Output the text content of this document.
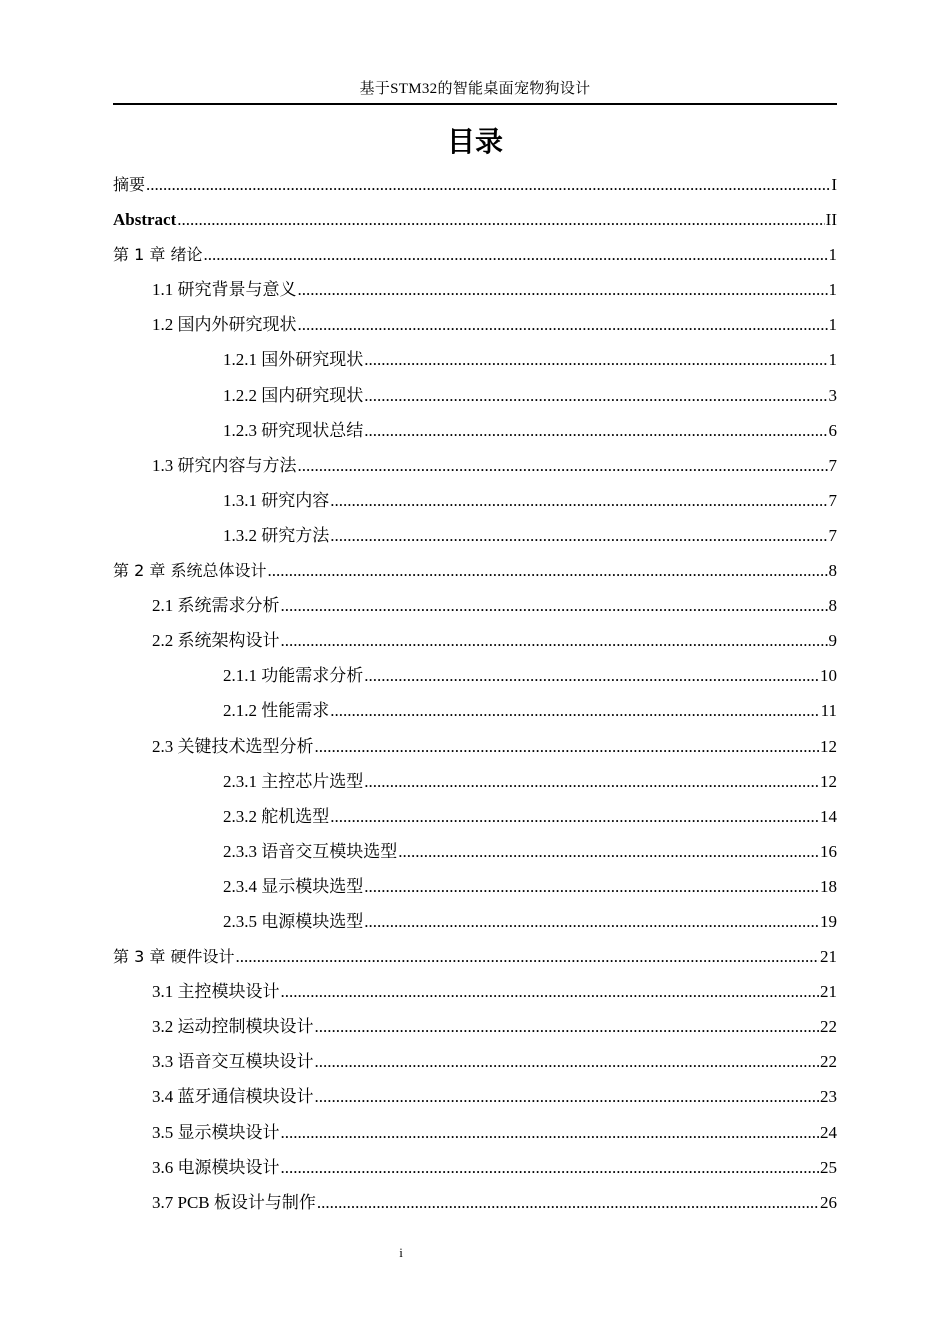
基于STM32的智能桌面宠物狗设计
目录
摘要 .....	I
Abstract .....	II
第 1 章 绪论 .....	1
1.1 研究背景与意义 .....	1
1.2 国内外研究现状 .....	1
1.2.1 国外研究现状 .....	1
1.2.2 国内研究现状 .....	3
1.2.3 研究现状总结 .....	6
1.3 研究内容与方法 .....	7
1.3.1 研究内容 .....	7
1.3.2 研究方法 .....	7
第 2 章 系统总体设计 .....	8
2.1 系统需求分析 .....	8
2.2 系统架构设计 .....	9
2.1.1 功能需求分析 .....	10
2.1.2 性能需求 .....	11
2.3 关键技术选型分析 .....	12
2.3.1 主控芯片选型 .....	12
2.3.2 舵机选型 .....	14
2.3.3 语音交互模块选型 .....	16
2.3.4 显示模块选型 .....	18
2.3.5 电源模块选型 .....	19
第 3 章 硬件设计 .....	21
3.1 主控模块设计 .....	21
3.2 运动控制模块设计 .....	22
3.3 语音交互模块设计 .....	22
3.4 蓝牙通信模块设计 .....	23
3.5 显示模块设计 .....	24
3.6 电源模块设计 .....	25
3.7 PCB 板设计与制作 .....	26
i
